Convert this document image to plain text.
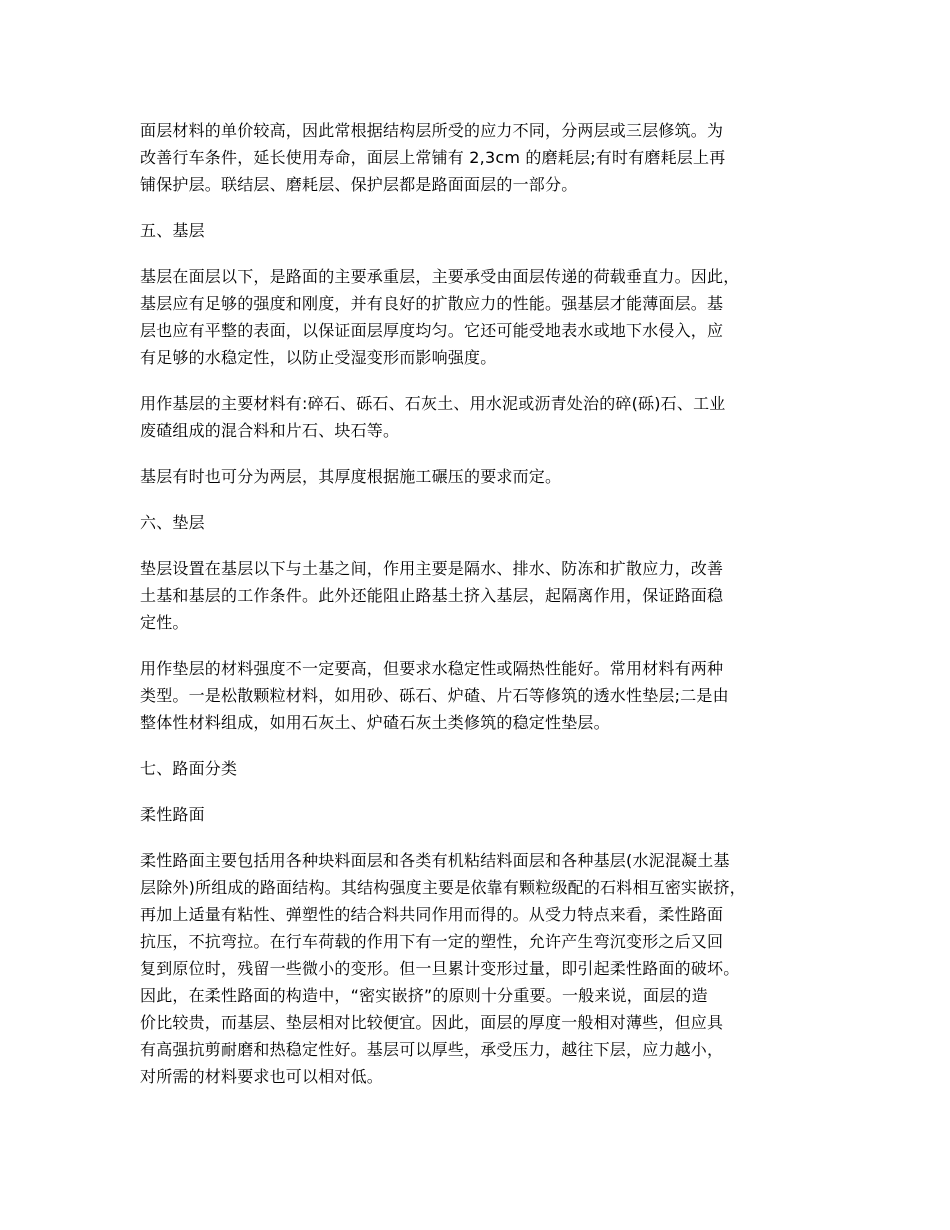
面层材料的单价较高，因此常根据结构层所受的应力不同，分两层或三层修筑。为
改善行车条件，延长使用寿命，面层上常铺有 2,3cm 的磨耗层;有时有磨耗层上再
铺保护层。联结层、磨耗层、保护层都是路面面层的一部分。
五、基层
基层在面层以下，是路面的主要承重层，主要承受由面层传递的荷载垂直力。因此，
基层应有足够的强度和刚度，并有良好的扩散应力的性能。强基层才能薄面层。基
层也应有平整的表面，以保证面层厚度均匀。它还可能受地表水或地下水侵入，应
有足够的水稳定性，以防止受湿变形而影响强度。
用作基层的主要材料有:碎石、砾石、石灰土、用水泥或沥青处治的碎(砾)石、工业
废碴组成的混合料和片石、块石等。
基层有时也可分为两层，其厚度根据施工碾压的要求而定。
六、垫层
垫层设置在基层以下与土基之间，作用主要是隔水、排水、防冻和扩散应力，改善
土基和基层的工作条件。此外还能阻止路基土挤入基层，起隔离作用，保证路面稳
定性。
用作垫层的材料强度不一定要高，但要求水稳定性或隔热性能好。常用材料有两种
类型。一是松散颗粒材料，如用砂、砾石、炉碴、片石等修筑的透水性垫层;二是由
整体性材料组成，如用石灰土、炉碴石灰土类修筑的稳定性垫层。
七、路面分类
柔性路面
柔性路面主要包括用各种块料面层和各类有机粘结料面层和各种基层(水泥混凝土基
层除外)所组成的路面结构。其结构强度主要是依靠有颗粒级配的石料相互密实嵌挤，
再加上适量有粘性、弹塑性的结合料共同作用而得的。从受力特点来看，柔性路面
抗压，不抗弯拉。在行车荷载的作用下有一定的塑性，允许产生弯沉变形之后又回
复到原位时，残留一些微小的变形。但一旦累计变形过量，即引起柔性路面的破坏。
因此，在柔性路面的构造中，“密实嵌挤”的原则十分重要。一般来说，面层的造
价比较贵，而基层、垫层相对比较便宜。因此，面层的厚度一般相对薄些，但应具
有高强抗剪耐磨和热稳定性好。基层可以厚些，承受压力，越往下层，应力越小，
对所需的材料要求也可以相对低。
